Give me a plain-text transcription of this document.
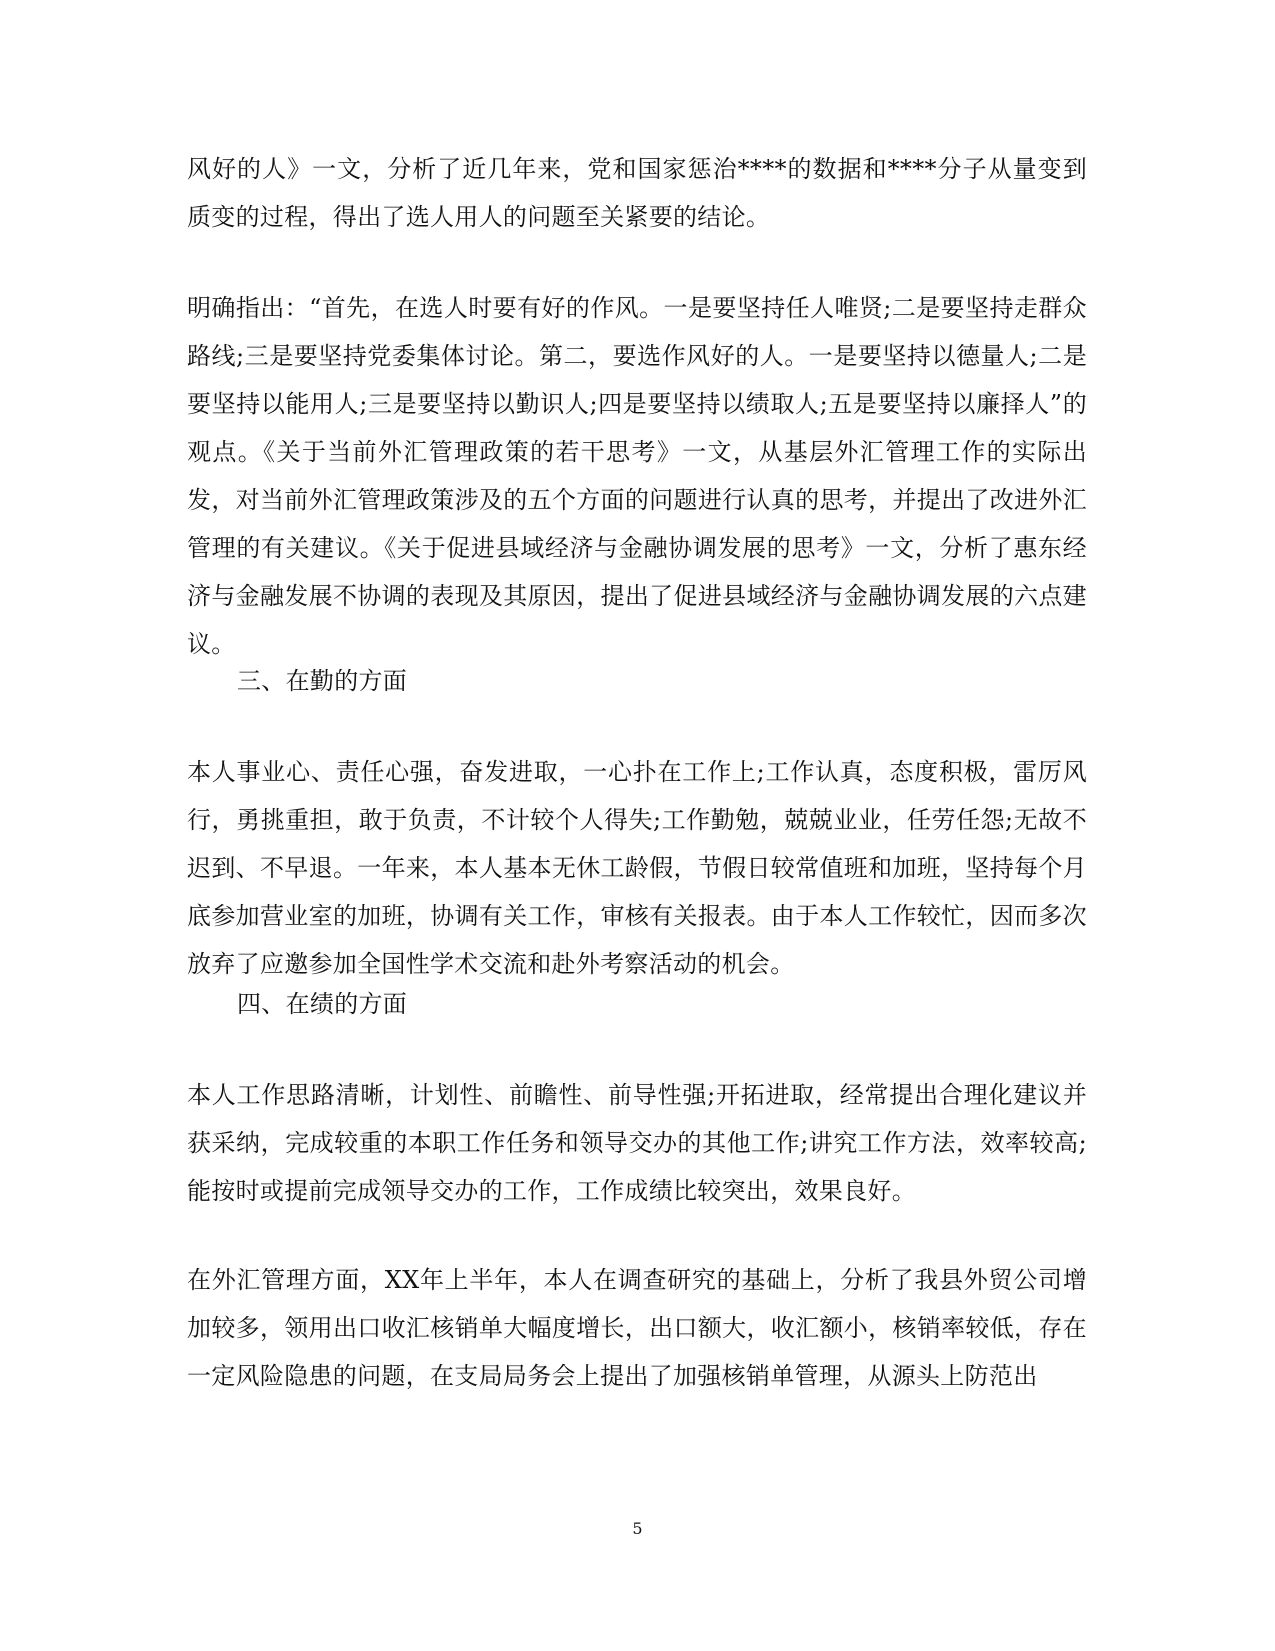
风好的人》一文，分析了近几年来，党和国家惩治****的数据和****分子从量变到质变的过程，得出了选人用人的问题至关紧要的结论。
明确指出：“首先，在选人时要有好的作风。一是要坚持任人唯贤;二是要坚持走群众路线;三是要坚持党委集体讨论。第二，要选作风好的人。一是要坚持以德量人;二是要坚持以能用人;三是要坚持以勤识人;四是要坚持以绩取人;五是要坚持以廉择人”的观点。《关于当前外汇管理政策的若干思考》一文，从基层外汇管理工作的实际出发，对当前外汇管理政策涉及的五个方面的问题进行认真的思考，并提出了改进外汇管理的有关建议。《关于促进县域经济与金融协调发展的思考》一文，分析了惠东经济与金融发展不协调的表现及其原因，提出了促进县域经济与金融协调发展的六点建议。
三、在勤的方面
本人事业心、责任心强，奋发进取，一心扑在工作上;工作认真，态度积极，雷厉风行，勇挑重担，敢于负责，不计较个人得失;工作勤勉，兢兢业业，任劳任怨;无故不迟到、不早退。一年来，本人基本无休工龄假，节假日较常值班和加班，坚持每个月底参加营业室的加班，协调有关工作，审核有关报表。由于本人工作较忙，因而多次放弃了应邀参加全国性学术交流和赴外考察活动的机会。
四、在绩的方面
本人工作思路清晰，计划性、前瞻性、前导性强;开拓进取，经常提出合理化建议并获采纳，完成较重的本职工作任务和领导交办的其他工作;讲究工作方法，效率较高;能按时或提前完成领导交办的工作，工作成绩比较突出，效果良好。
在外汇管理方面，XX年上半年，本人在调查研究的基础上，分析了我县外贸公司增加较多，领用出口收汇核销单大幅度增长，出口额大，收汇额小，核销率较低，存在一定风险隐患的问题，在支局局务会上提出了加强核销单管理，从源头上防范出
5
